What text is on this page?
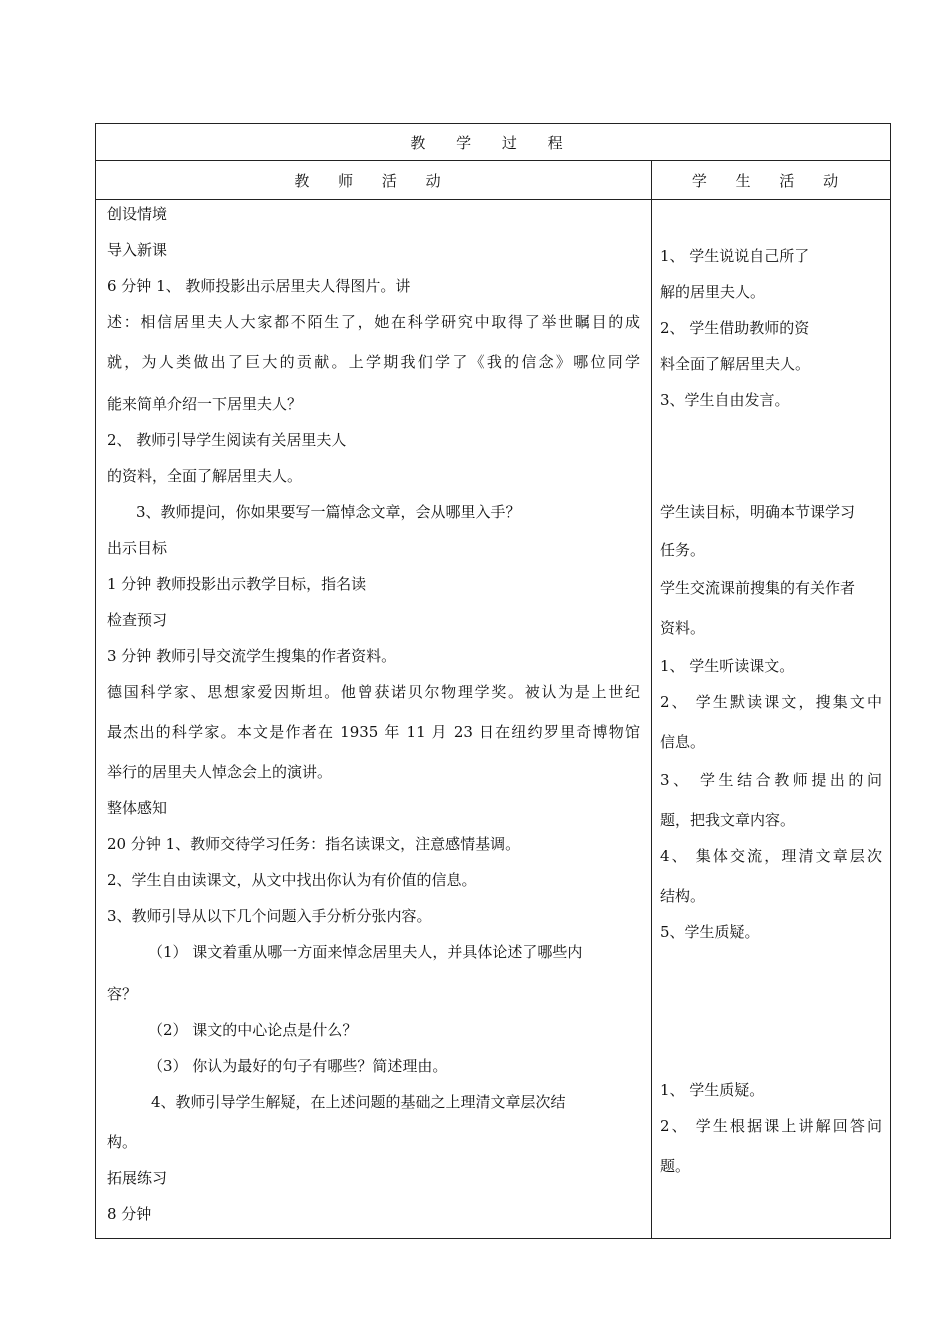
教 学 过 程
教 师 活 动	学 生 活 动
创设情境
导入新课
6 分钟 1、 教师投影出示居里夫人得图片。讲
述：相信居里夫人大家都不陌生了，她在科学研究中取得了举世瞩目的成
就，为人类做出了巨大的贡献。上学期我们学了《我的信念》哪位同学
能来简单介绍一下居里夫人？
2、 教师引导学生阅读有关居里夫人
的资料，全面了解居里夫人。
3、教师提问，你如果要写一篇悼念文章，会从哪里入手？
出示目标
1 分钟 教师投影出示教学目标，指名读
检查预习
3 分钟 教师引导交流学生搜集的作者资料。
德国科学家、思想家爱因斯坦。他曾获诺贝尔物理学奖。被认为是上世纪
最杰出的科学家。本文是作者在 1935 年 11 月 23 日在纽约罗里奇博物馆
举行的居里夫人悼念会上的演讲。
整体感知
20 分钟 1、教师交待学习任务：指名读课文，注意感情基调。
2、学生自由读课文，从文中找出你认为有价值的信息。
3、教师引导从以下几个问题入手分析分张内容。
（1） 课文着重从哪一方面来悼念居里夫人，并具体论述了哪些内
容？
（2） 课文的中心论点是什么？
（3） 你认为最好的句子有哪些？简述理由。
4、教师引导学生解疑，在上述问题的基础之上理清文章层次结
构。
拓展练习
8 分钟
1、 学生说说自己所了
解的居里夫人。
2、 学生借助教师的资
料全面了解居里夫人。
3、学生自由发言。
学生读目标，明确本节课学习
任务。
学生交流课前搜集的有关作者
资料。
1、 学生听读课文。
2、 学生默读课文，搜集文中
信息。
3、 学生结合教师提出的问
题，把我文章内容。
4、 集体交流，理清文章层次
结构。
5、学生质疑。
1、 学生质疑。
2、 学生根据课上讲解回答问
题。
